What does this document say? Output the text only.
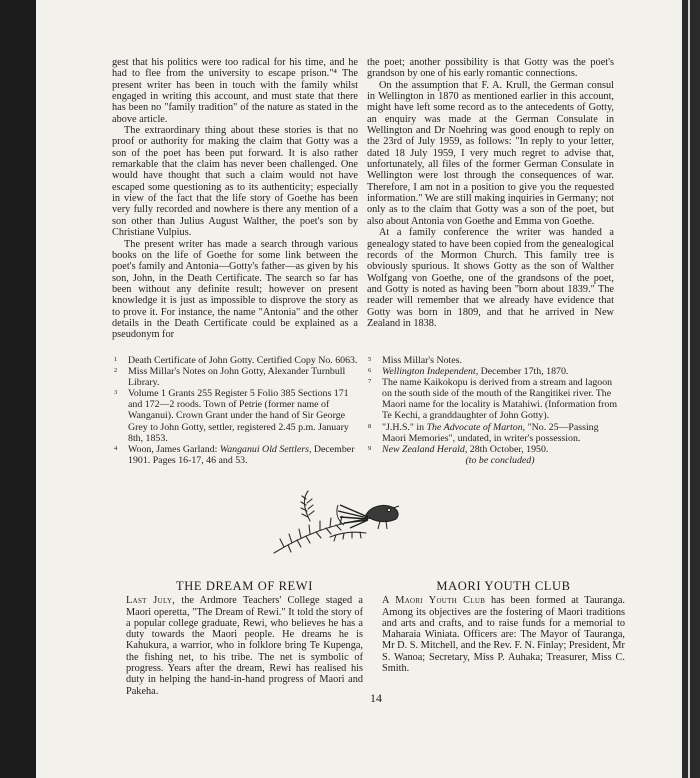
gest that his politics were too radical for his time, and he had to flee from the university to escape prison."⁴ The present writer has been in touch with the family whilst engaged in writing this account, and must state that there has been no "family tradition" of the nature as stated in the above article.

The extraordinary thing about these stories is that no proof or authority for making the claim that Gotty was a son of the poet has been put forward. It is also rather remarkable that the claim has never been challenged. One would have thought that such a claim would not have escaped some questioning as to its authenticity; especially in view of the fact that the life story of Goethe has been very fully recorded and nowhere is there any mention of a son other than Julius August Walther, the poet's son by Christiane Vulpius.

The present writer has made a search through various books on the life of Goethe for some link between the poet's family and Antonia—Gotty's father—as given by his son, John, in the Death Certificate. The search so far has been without any definite result; however on present knowledge it is just as impossible to disprove the story as to prove it. For instance, the name "Antonia" and the other details in the Death Certificate could be explained as a pseudonym for

the poet; another possibility is that Gotty was the poet's grandson by one of his early romantic connections.

On the assumption that F. A. Krull, the German consul in Wellington in 1870 as mentioned earlier in this account, might have left some record as to the antecedents of Gotty, an enquiry was made at the German Consulate in Wellington and Dr Noehring was good enough to reply on the 23rd of July 1959, as follows: "In reply to your letter, dated 18 July 1959, I very much regret to advise that, unfortunately, all files of the former German Consulate in Wellington were lost through the consequences of war. Therefore, I am not in a position to give you the requested information." We are still making inquiries in Germany; not only as to the claim that Gotty was a son of the poet, but also about Antonia von Goethe and Emma von Goethe.

At a family conference the writer was handed a genealogy stated to have been copied from the genealogical records of the Mormon Church. This family tree is obviously spurious. It shows Gotty as the son of Walther Wolfgang von Goethe, one of the grandsons of the poet, and Gotty is noted as having been "born about 1839." The reader will remember that we already have evidence that Gotty was born in 1809, and that he arrived in New Zealand in 1838.

1 Death Certificate of John Gotty. Certified Copy No. 6063.

2 Miss Millar's Notes on John Gotty, Alexander Turnbull Library.

3 Volume 1 Grants 255 Register 5 Folio 385 Sections 171 and 172—2 roods. Town of Petrie (former name of Wanganui). Crown Grant under the hand of Sir George Grey to John Gotty, settler, registered 2.45 p.m. January 8th, 1853.

4 Woon, James Garland: Wanganui Old Settlers, December 1901. Pages 16-17, 46 and 53.

5 Miss Millar's Notes.

6 Wellington Independent, December 17th, 1870.

7 The name Kaikokopu is derived from a stream and lagoon on the south side of the mouth of the Rangitikei river. The Maori name for the locality is Matahiwi. (Information from Te Kechi, a granddaughter of John Gotty).

8 "J.H.S." in The Advocate of Marton, "No. 25—Passing Maori Memories", undated, in writer's possession.

9 New Zealand Herald, 28th October, 1950.
(to be concluded)

THE DREAM OF REWI

Last July, the Ardmore Teachers' College staged a Maori operetta, "The Dream of Rewi." It told the story of a popular college graduate, Rewi, who believes he has a duty towards the Maori people. He dreams he is Kahukura, a warrior, who in folklore bring Te Kupenga, the fishing net, to his tribe. The net is symbolic of progress. Years after the dream, Rewi has realised his duty in helping the hand-in-hand progress of Maori and Pakeha.

MAORI YOUTH CLUB

A Maori Youth Club has been formed at Tauranga. Among its objectives are the fostering of Maori traditions and arts and crafts, and to raise funds for a memorial to Maharaia Winiata. Officers are: The Mayor of Tauranga, Mr D. S. Mitchell, and the Rev. F. N. Finlay; President, Mr S. Wanoa; Secretary, Miss P. Auhaka; Treasurer, Miss C. Smith.

14
